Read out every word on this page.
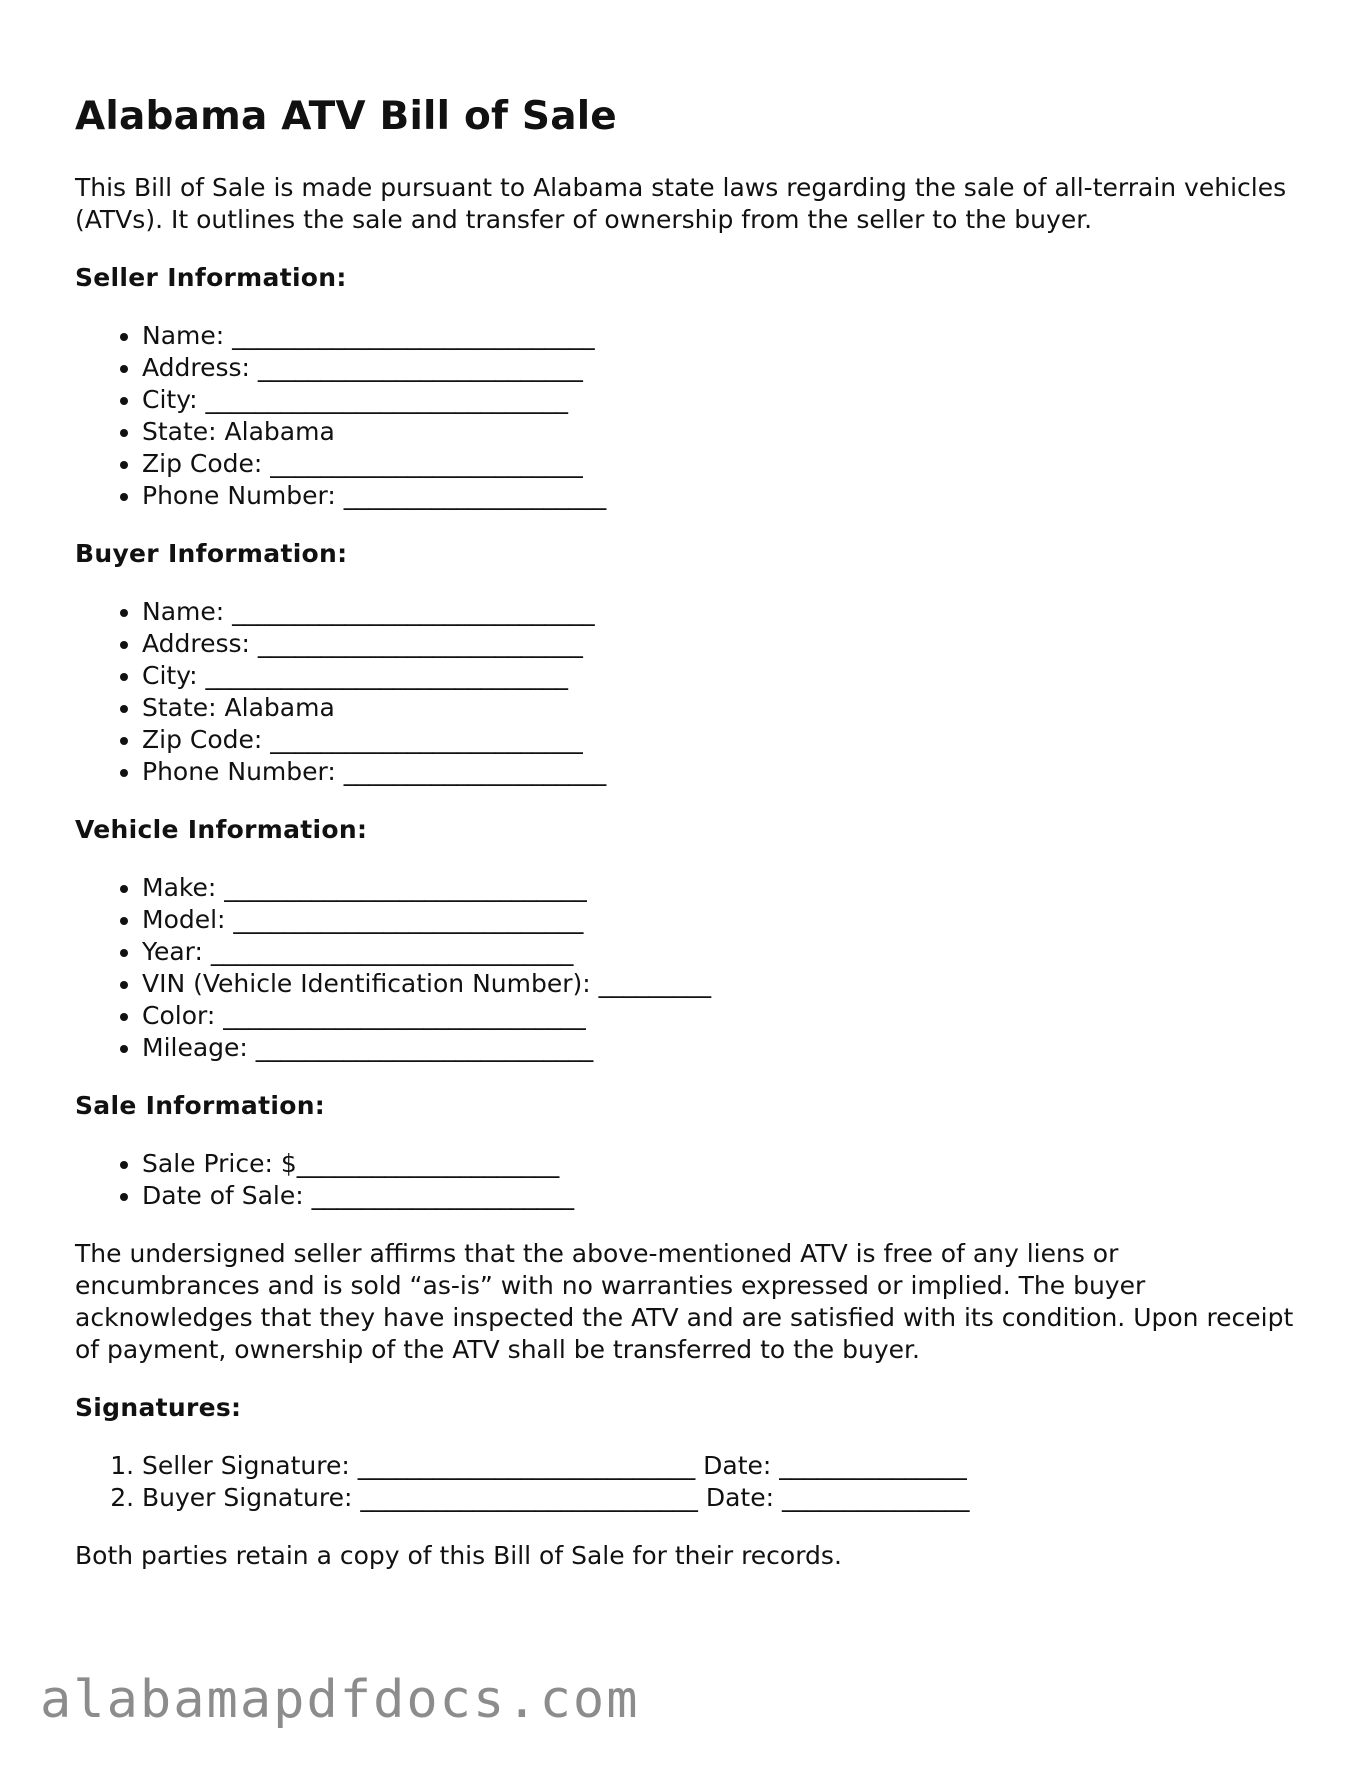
Alabama ATV Bill of Sale

This Bill of Sale is made pursuant to Alabama state laws regarding the sale of all-terrain vehicles (ATVs). It outlines the sale and transfer of ownership from the seller to the buyer.

Seller Information:
• Name: _____________________________
• Address: __________________________
• City: _____________________________
• State: Alabama
• Zip Code: _________________________
• Phone Number: _____________________
Buyer Information:
• Name: _____________________________
• Address: __________________________
• City: _____________________________
• State: Alabama
• Zip Code: _________________________
• Phone Number: _____________________
Vehicle Information:
• Make: _____________________________
• Model: ____________________________
• Year: _____________________________
• VIN (Vehicle Identification Number): _________
• Color: _____________________________
• Mileage: ___________________________
Sale Information:
• Sale Price: $_____________________
• Date of Sale: _____________________

The undersigned seller affirms that the above-mentioned ATV is free of any liens or encumbrances and is sold “as-is” with no warranties expressed or implied. The buyer acknowledges that they have inspected the ATV and are satisfied with its condition. Upon receipt of payment, ownership of the ATV shall be transferred to the buyer.

Signatures:
1. Seller Signature: ___________________________ Date: _______________
2. Buyer Signature: ___________________________ Date: _______________

Both parties retain a copy of this Bill of Sale for their records.

alabamapdfdocs.com
